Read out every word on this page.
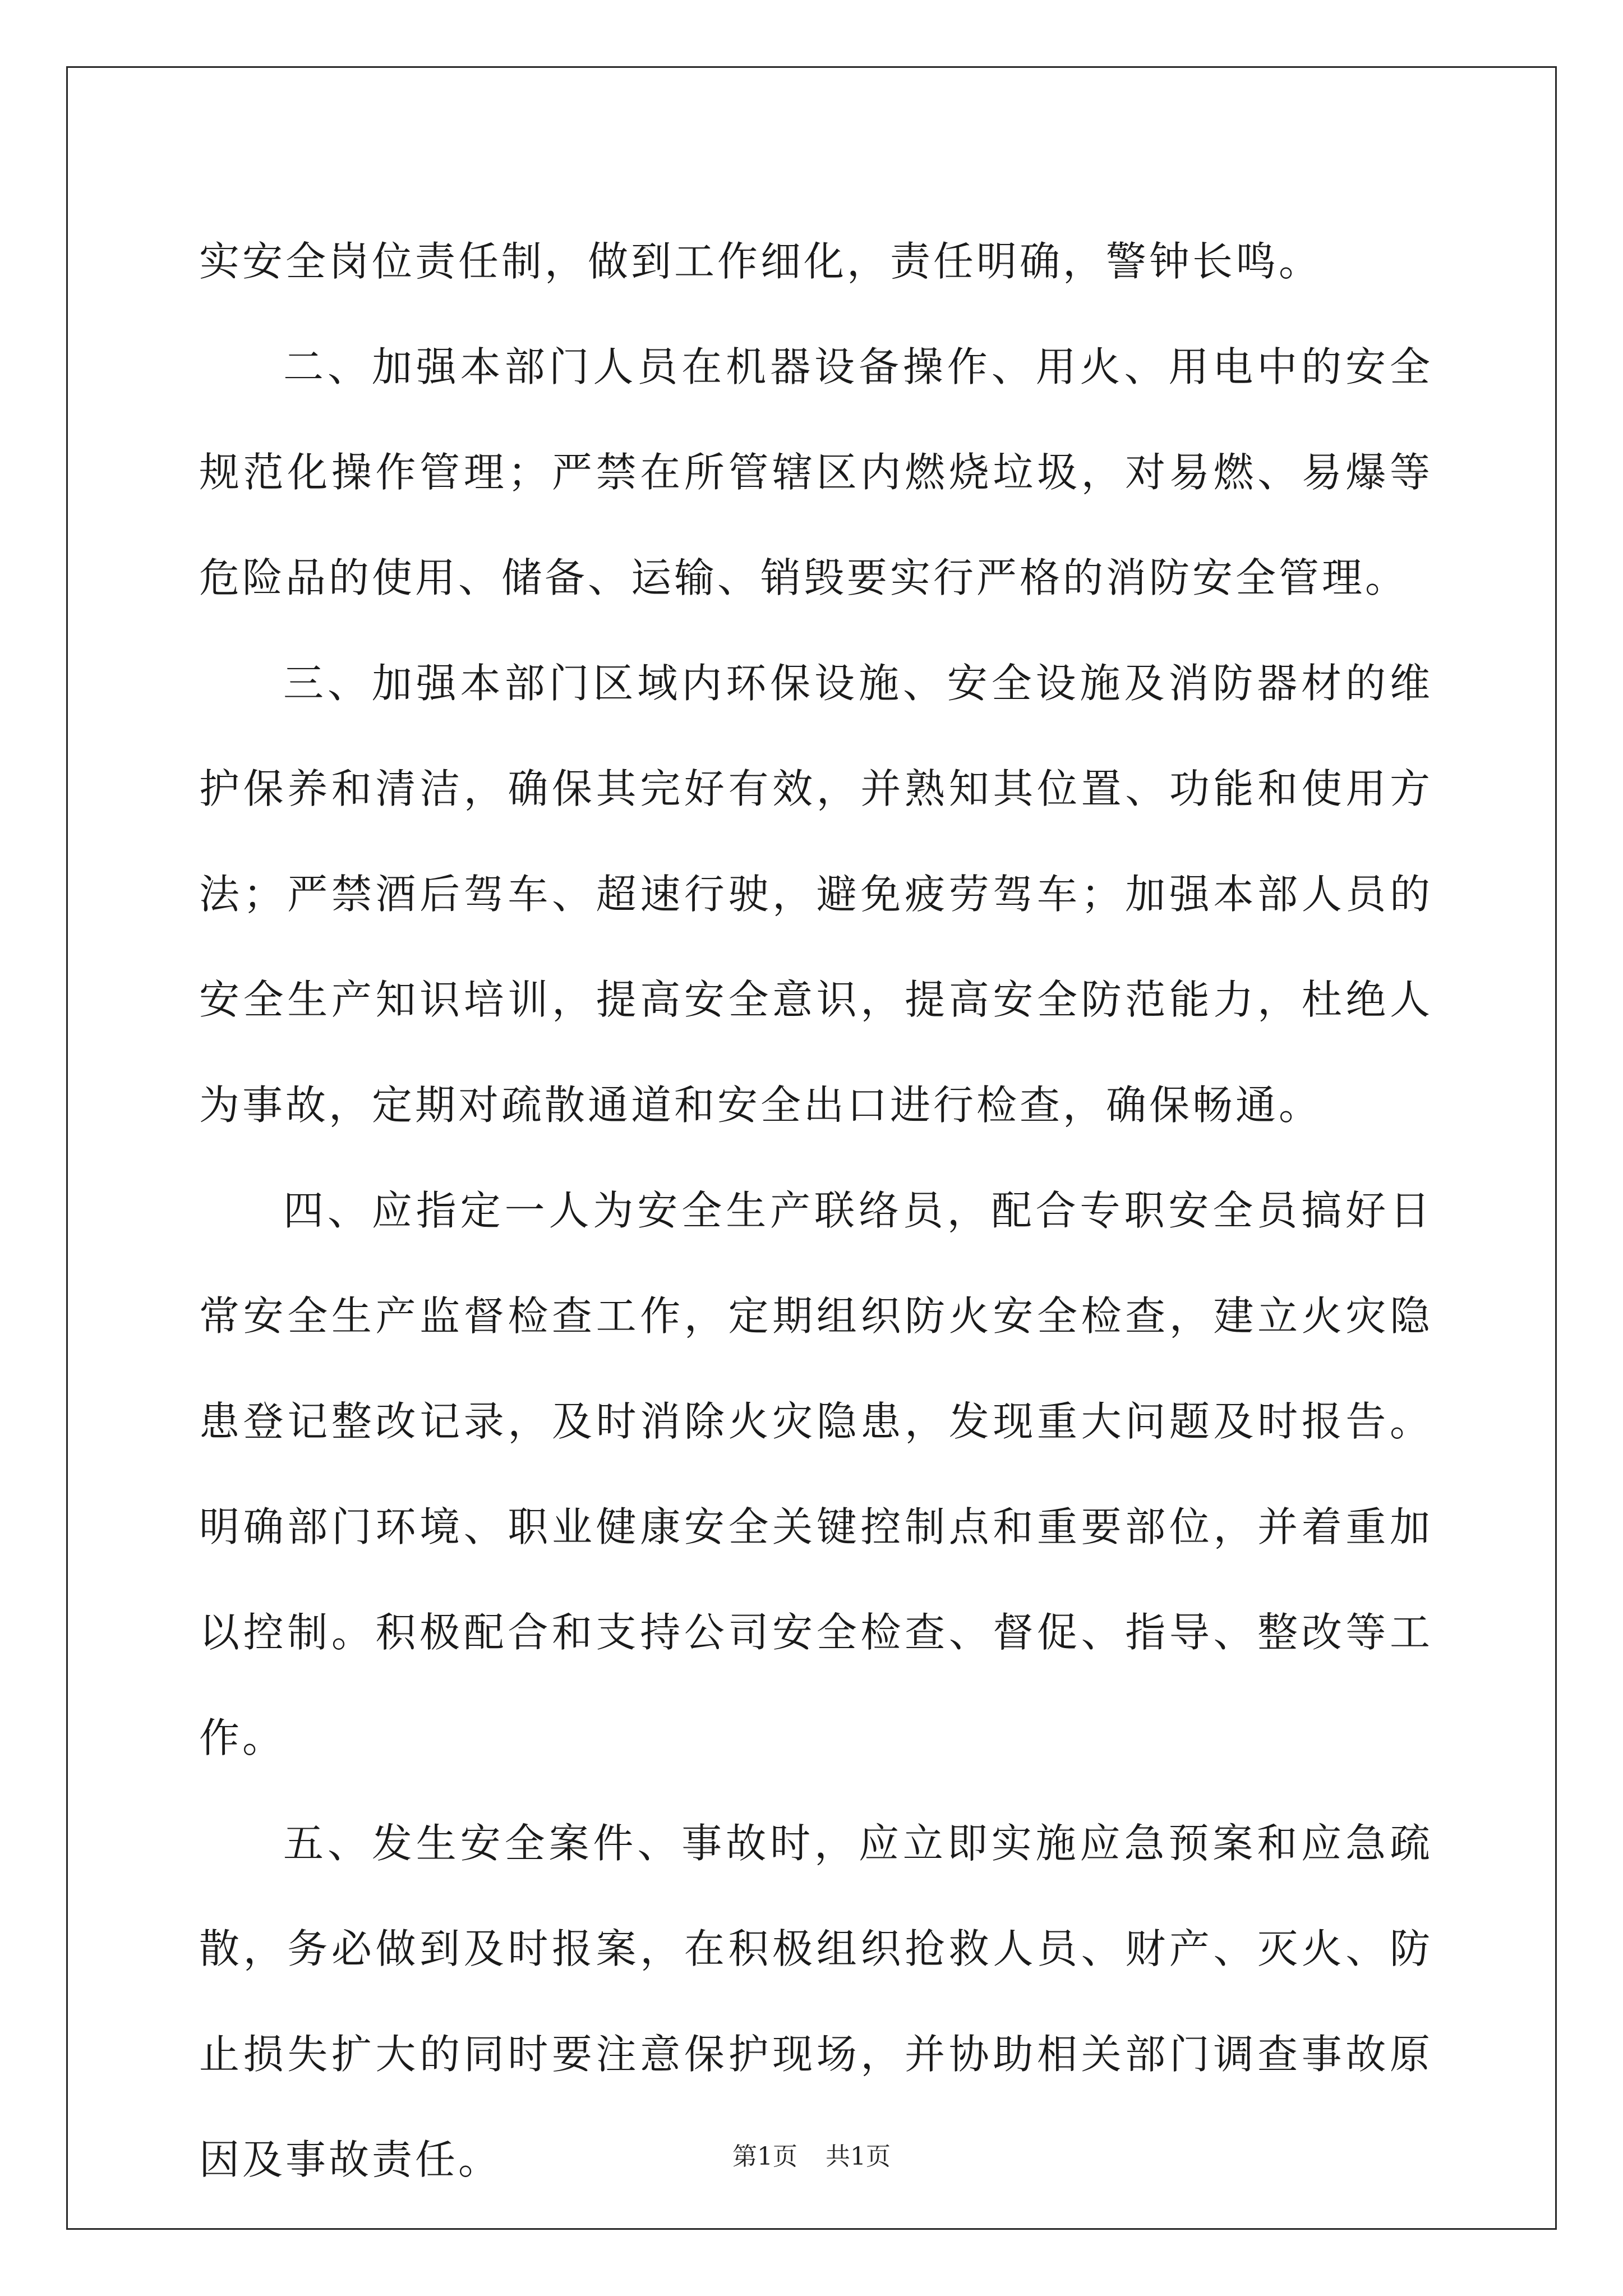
实安全岗位责任制，做到工作细化，责任明确，警钟长鸣。

二、加强本部门人员在机器设备操作、用火、用电中的安全规范化操作管理；严禁在所管辖区内燃烧垃圾，对易燃、易爆等危险品的使用、储备、运输、销毁要实行严格的消防安全管理。

三、加强本部门区域内环保设施、安全设施及消防器材的维护保养和清洁，确保其完好有效，并熟知其位置、功能和使用方法；严禁酒后驾车、超速行驶，避免疲劳驾车；加强本部人员的安全生产知识培训，提高安全意识，提高安全防范能力，杜绝人为事故，定期对疏散通道和安全出口进行检查，确保畅通。

四、应指定一人为安全生产联络员，配合专职安全员搞好日常安全生产监督检查工作，定期组织防火安全检查，建立火灾隐患登记整改记录，及时消除火灾隐患，发现重大问题及时报告。明确部门环境、职业健康安全关键控制点和重要部位，并着重加以控制。积极配合和支持公司安全检查、督促、指导、整改等工作。

五、发生安全案件、事故时，应立即实施应急预案和应急疏散，务必做到及时报案，在积极组织抢救人员、财产、灭火、防止损失扩大的同时要注意保护现场，并协助相关部门调查事故原因及事故责任。	第1页 共1页
